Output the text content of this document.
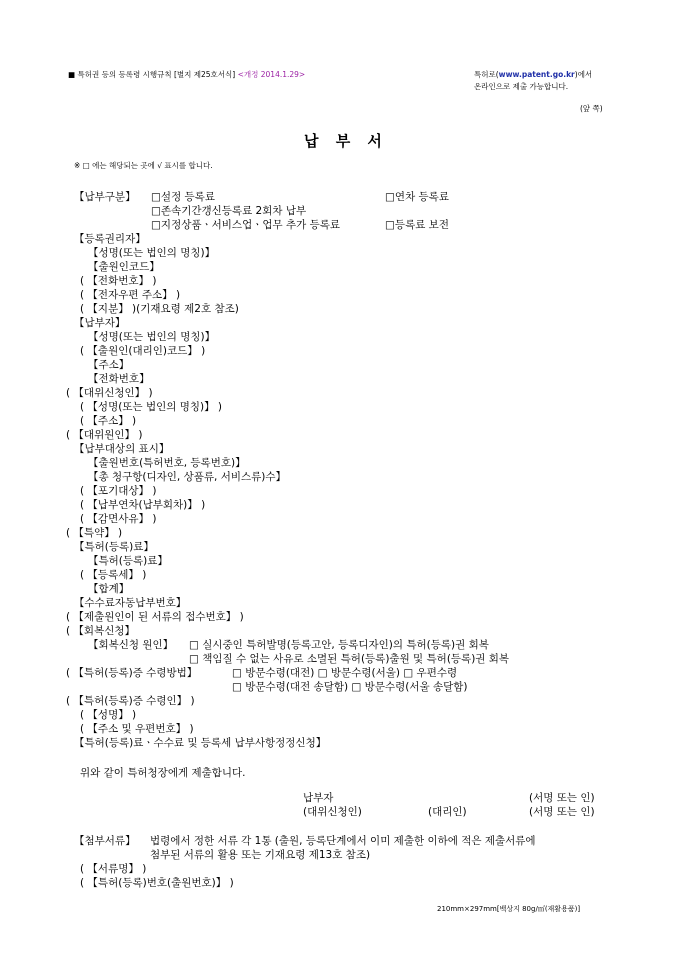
■ 특허권 등의 등록령 시행규칙 [별지 제25호서식] <개정 2014.1.29>	특허로(www.patent.go.kr)에서
온라인으로 제출 가능합니다.
(앞 쪽)
납 부 서
※ □ 에는 해당되는 곳에 √ 표시를 합니다.
【납부구분】 □설정 등록료	□연차 등록료
□존속기간갱신등록료 2회차 납부
□지정상품ㆍ서비스업ㆍ업무 추가 등록료	□등록료 보전
【등록권리자】
【성명(또는 법인의 명칭)】
【출원인코드】
( 【전화번호】 )
( 【전자우편 주소】 )
( 【지분】 )(기재요령 제2호 참조)
【납부자】
【성명(또는 법인의 명칭)】
( 【출원인(대리인)코드】 )
【주소】
【전화번호】
( 【대위신청인】 )
( 【성명(또는 법인의 명칭)】 )
( 【주소】 )
( 【대위원인】 )
【납부대상의 표시】
【출원번호(특허번호, 등록번호)】
【총 청구항(디자인, 상품류, 서비스류)수】
( 【포기대상】 )
( 【납부연차(납부회차)】 )
( 【감면사유】 )
( 【특약】 )
【특허(등록)료】
【특허(등록)료】
( 【등록세】 )
【합계】
【수수료자동납부번호】
( 【제출원인이 된 서류의 접수번호】 )
( 【회복신청】
【회복신청 원인】 □ 실시중인 특허발명(등록고안, 등록디자인)의 특허(등록)권 회복
□ 책임질 수 없는 사유로 소멸된 특허(등록)출원 및 특허(등록)권 회복
( 【특허(등록)증 수령방법】	□ 방문수령(대전) □ 방문수령(서울) □ 우편수령
□ 방문수령(대전 송달함) □ 방문수령(서울 송달함)
( 【특허(등록)증 수령인】 )
( 【성명】 )
( 【주소 및 우편번호】 )
【특허(등록)료ㆍ수수료 및 등록세 납부사항정정신청】
위와 같이 특허청장에게 제출합니다.
납부자	(서명 또는 인)
(대위신청인)	(대리인)	(서명 또는 인)
【첨부서류】 법령에서 정한 서류 각 1통 (출원, 등록단계에서 이미 제출한 이하에 적은 제출서류에
첨부된 서류의 활용 또는 기재요령 제13호 참조)
( 【서류명】 )
( 【특허(등록)번호(출원번호)】 )
210mm×297mm[백상지 80g/㎡(재활용품)]
